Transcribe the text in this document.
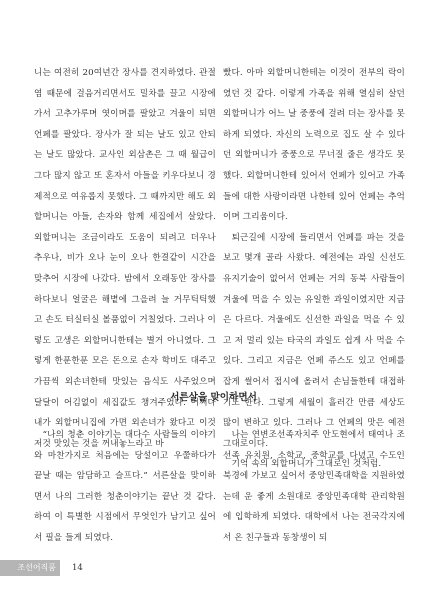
니는 여전히 20여년간 장사를 견지하였다. 관절염 때문에 걸음거리면서도 밀차를 끌고 시장에 가서 고추가루며 엿이며를 팔았고 겨울이 되면 언페를 팔았다. 장사가 잘 되는 날도 있고 안되는 날도 많았다. 교사인 외삼촌은 그 때 월급이 그다 많지 않고 또 혼자서 아들을 키우다보니 경제적으로 여유롭지 못했다. 그 때까지만 해도 외할머니는 아들, 손자와 함께 세집에서 살았다. 외할머니는 조금이라도 도움이 되려고 더우나 추우나, 비가 오나 눈이 오나 한결같이 시간을 맞추어 시장에 나갔다. 밤에서 오래동안 장사를 하다보니 얼굴은 해볕에 그을려 늘 거무틱틱했고 손도 터실터실 볼품없이 거칠었다. 그러나 이렇도 고생은 외할머니한테는 별거 아니였다. 그렇게 한푼한푼 모은 돈으로 손자 학비도 대주고 가끔씩 외손녀한테 맛있는 음식도 사주었으며 달달이 어김없이 세집값도 챙겨주었다. 어쩌다 내가 외할머니집에 가면 외손녀가 왔다고 이것저것 맛있는 것을 꺼내놓느라고 바

빴다. 아마 외할머니한테는 이것이 전부의 락이였던 것 같다. 이렇게 가족을 위해 열심히 살던 외할머니가 어느 날 중풍에 걸려 더는 장사를 못하게 되였다. 자신의 노력으로 집도 살 수 있다던 외할머니가 중풍으로 무너질 줄은 생각도 못했다. 외할머니한테 있어서 언페가 있어고 가족들에 대한 사랑이라면 나한테 있어 언페는 추억이며 그리움이다.

퇴근길에 시장에 들리면서 언페를 파는 것을 보고 몇개 골라 사왔다. 예전에는 과일 신선도 유지기술이 없어서 언페는 거의 동북 사람들이 겨울에 먹을 수 있는 유일한 과일이였지만 지금은 다르다. 겨울에도 신선한 과일을 먹을 수 있고 저 멀리 있는 타국의 과일도 쉽게 사 먹을 수 있다. 그리고 지금은 언페 쥬스도 있고 언페를 잡게 썰어서 접시에 올려서 손님들한테 대접하기도 한다. 그렇게 세월이 흘러간 만큼 세상도 많이 변하고 있다. 그러나 그 언페의 맛은 예전 그대로이다.

기억 속의 외할머니가 그대로인 것처럼.

서른살을 맞이하면서

“나의 청춘 이야기는 대다수 사람들의 이야기와 마찬가지로 처음에는 당설이고 우쭐하다가 끝날 때는 암담하고 슬프다.” 서른살을 맞이하면서 나의 그러한 청춘이야기는 끝난 것 같다. 하여 이 특별한 시점에서 무엇인가 남기고 싶어서 필을 들게 되였다.

나는 연변조선족자치주 안도현에서 태여나 조선족 유치원, 소학교, 중학교를 다녔고 수도인 북경에 가보고 싶어서 중앙민족대학을 지원하였는데 운 좋게 소원대로 중앙민족대학 관리학원에 입학하게 되였다. 대학에서 나는 전국각지에서 온 친구들과 동창생이 되

조선어직품	14
